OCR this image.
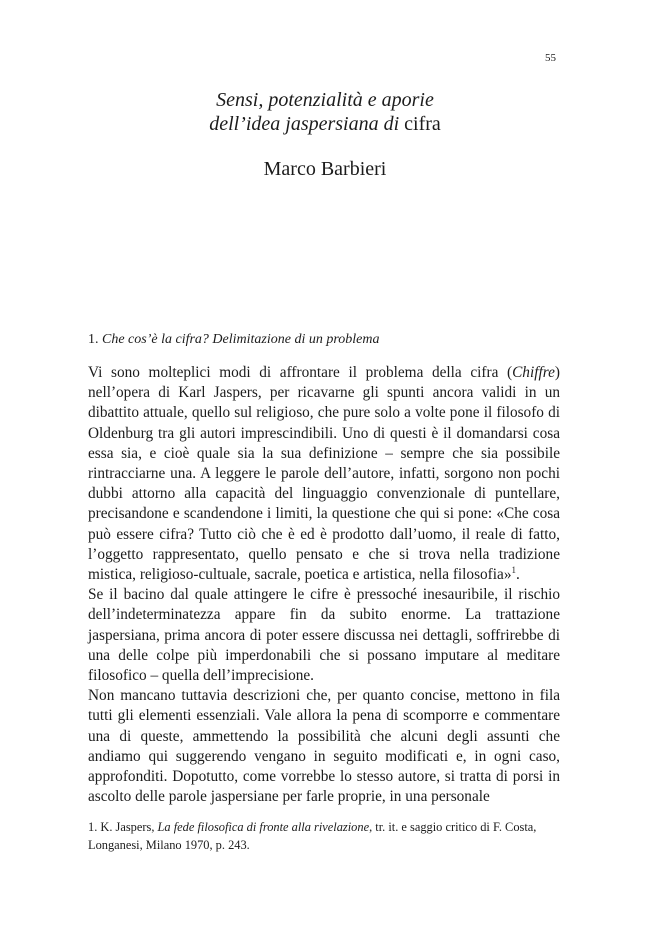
55
Sensi, potenzialità e aporie
dell’idea jaspersiana di cifra
Marco Barbieri
1. Che cos’è la cifra? Delimitazione di un problema

Vi sono molteplici modi di affrontare il problema della cifra (Chiffre) nell’opera di Karl Jaspers, per ricavarne gli spunti ancora validi in un dibattito attuale, quello sul religioso, che pure solo a volte pone il filosofo di Oldenburg tra gli autori imprescindibili. Uno di questi è il domandarsi cosa essa sia, e cioè quale sia la sua definizione – sempre che sia possibile rintracciarne una. A leggere le parole dell’autore, infatti, sorgono non pochi dubbi attorno alla capacità del linguaggio convenzionale di puntellare, precisandone e scandendone i limiti, la questione che qui si pone: «Che cosa può essere cifra? Tutto ciò che è ed è prodotto dall’uomo, il reale di fatto, l’oggetto rappresentato, quello pensato e che si trova nella tradizione mistica, religioso-cultuale, sacrale, poetica e artistica, nella filosofia»$^1$.

Se il bacino dal quale attingere le cifre è pressoché inesauribile, il rischio dell’indeterminatezza appare fin da subito enorme. La trattazione jaspersiana, prima ancora di poter essere discussa nei dettagli, soffrirebbe di una delle colpe più imperdonabili che si possano imputare al meditare filosofico – quella dell’imprecisione.

Non mancano tuttavia descrizioni che, per quanto concise, mettono in fila tutti gli elementi essenziali. Vale allora la pena di scomporre e commentare una di queste, ammettendo la possibilità che alcuni degli assunti che andiamo qui suggerendo vengano in seguito modificati e, in ogni caso, approfonditi. Dopotutto, come vorrebbe lo stesso autore, si tratta di porsi in ascolto delle parole jaspersiane per farle proprie, in una personale

1. K. Jaspers, La fede filosofica di fronte alla rivelazione, tr. it. e saggio critico di F. Costa, Longanesi, Milano 1970, p. 243.
